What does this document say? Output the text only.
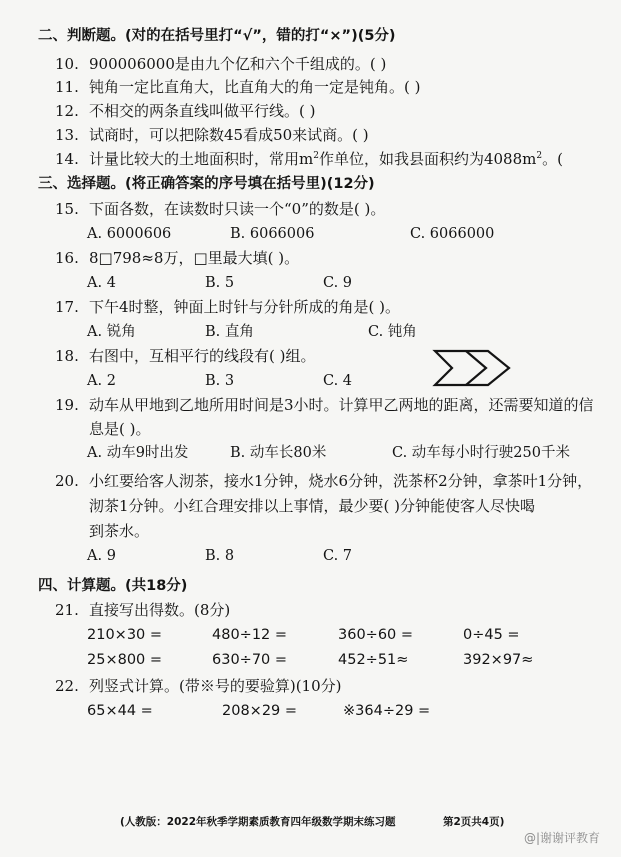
二、判断题。(对的在括号里打“√”，错的打“×”)(5分)
10. 900006000是由九个亿和六个千组成的。( )
11. 钝角一定比直角大，比直角大的角一定是钝角。( )
12. 不相交的两条直线叫做平行线。( )
13. 试商时，可以把除数45看成50来试商。( )
14. 计量比较大的土地面积时，常用$m^2$作单位，如我县面积约为$4088m^2$。(
三、选择题。(将正确答案的序号填在括号里)(12分)
15. 下面各数，在读数时只读一个“0”的数是( )。
A. 6000606	B. 6066006	C. 6066000
16. 8□798≈8万，□里最大填( )。
A. 4	B. 5	C. 9
17. 下午4时整，钟面上时针与分针所成的角是( )。
A. 锐角	B. 直角	C. 钝角
18. 右图中，互相平行的线段有( )组。
A. 2	B. 3	C. 4
19. 动车从甲地到乙地所用时间是3小时。计算甲乙两地的距离，还需要知道的信
息是( )。
A. 动车9时出发	B. 动车长80米	C. 动车每小时行驶250千米
20. 小红要给客人沏茶，接水1分钟，烧水6分钟，洗茶杯2分钟，拿茶叶1分钟，
沏茶1分钟。小红合理安排以上事情，最少要( )分钟能使客人尽快喝
到茶水。
A. 9	B. 8	C. 7
四、计算题。(共18分)
21. 直接写出得数。(8分)
210×30 =	480÷12 =	360÷60 =	0÷45 =
25×800 =	630÷70 =	452÷51≈	392×97≈
22. 列竖式计算。(带※号的要验算)(10分)
65×44 =	208×29 =	※364÷29 =
(人教版：2022年秋季学期素质教育四年级数学期末练习题	第2页共4页)
@|谢谢评教育
